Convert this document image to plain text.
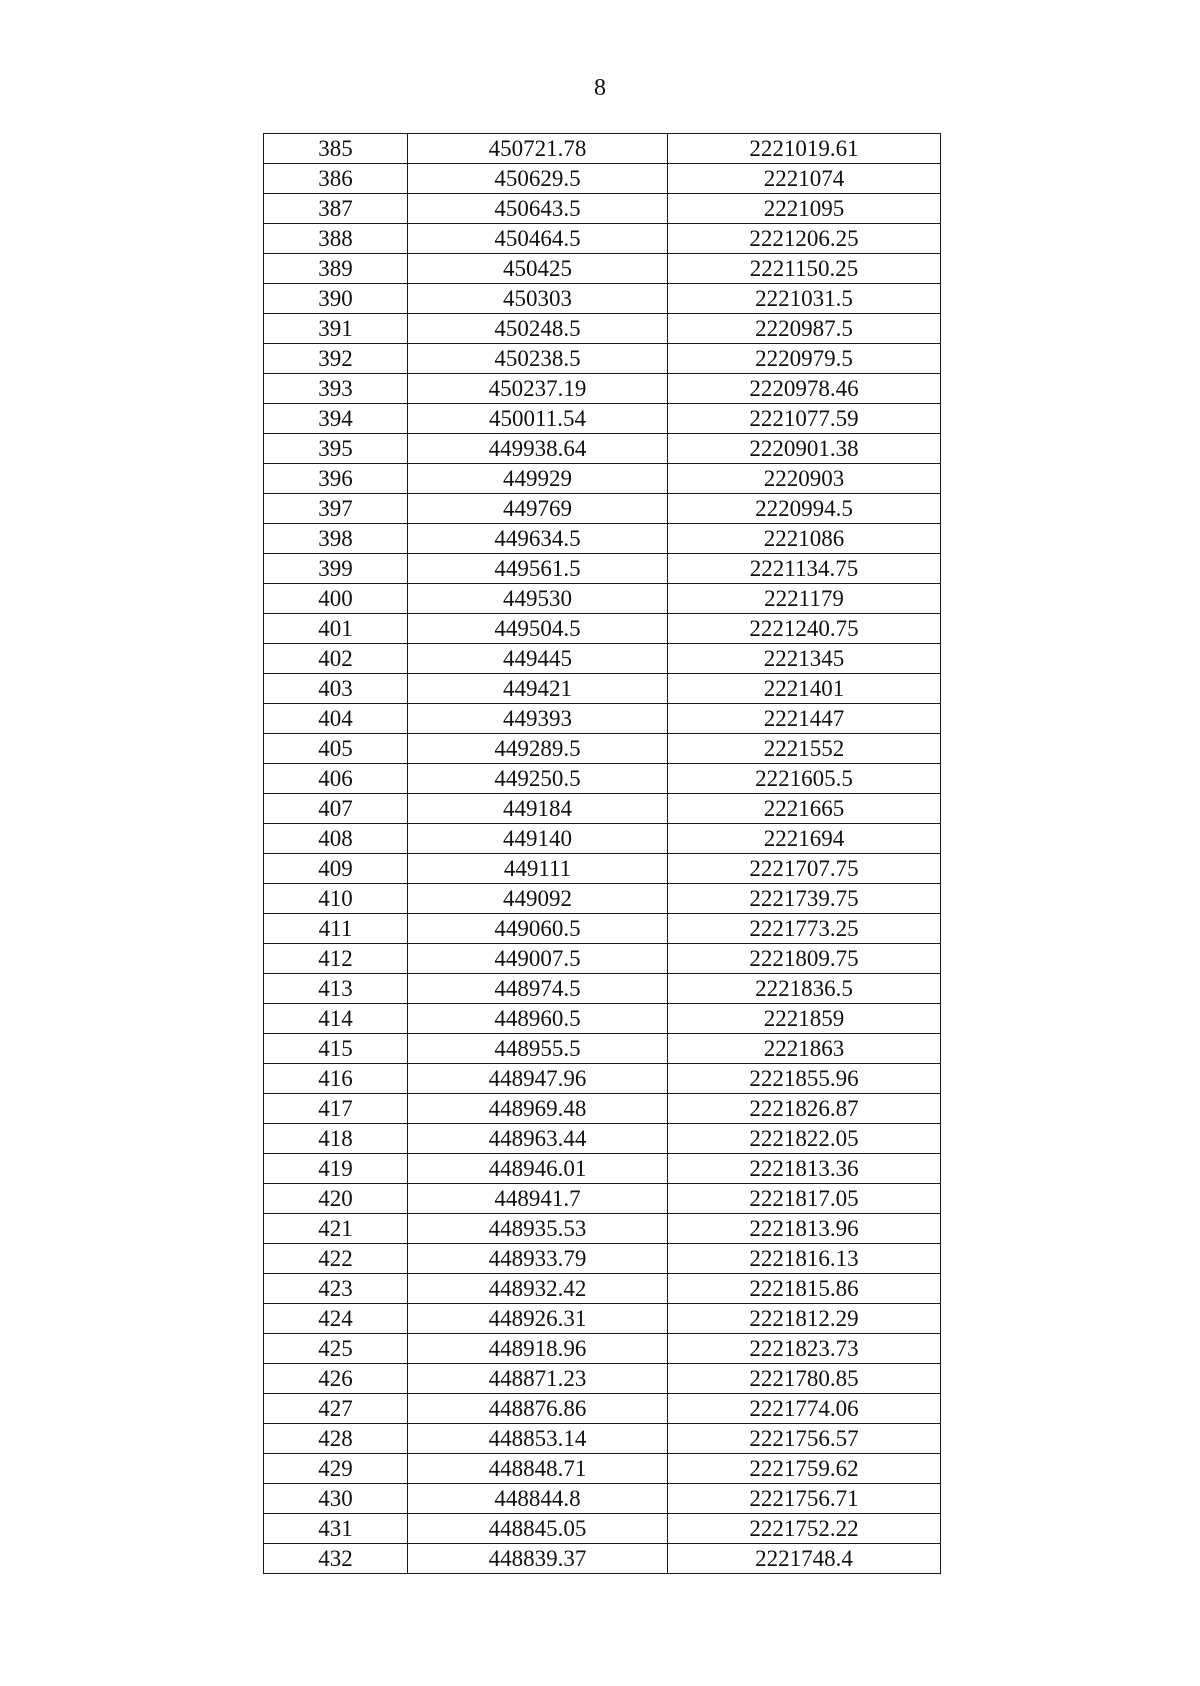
8
385	450721.78	2221019.61
386	450629.5	2221074
387	450643.5	2221095
388	450464.5	2221206.25
389	450425	2221150.25
390	450303	2221031.5
391	450248.5	2220987.5
392	450238.5	2220979.5
393	450237.19	2220978.46
394	450011.54	2221077.59
395	449938.64	2220901.38
396	449929	2220903
397	449769	2220994.5
398	449634.5	2221086
399	449561.5	2221134.75
400	449530	2221179
401	449504.5	2221240.75
402	449445	2221345
403	449421	2221401
404	449393	2221447
405	449289.5	2221552
406	449250.5	2221605.5
407	449184	2221665
408	449140	2221694
409	449111	2221707.75
410	449092	2221739.75
411	449060.5	2221773.25
412	449007.5	2221809.75
413	448974.5	2221836.5
414	448960.5	2221859
415	448955.5	2221863
416	448947.96	2221855.96
417	448969.48	2221826.87
418	448963.44	2221822.05
419	448946.01	2221813.36
420	448941.7	2221817.05
421	448935.53	2221813.96
422	448933.79	2221816.13
423	448932.42	2221815.86
424	448926.31	2221812.29
425	448918.96	2221823.73
426	448871.23	2221780.85
427	448876.86	2221774.06
428	448853.14	2221756.57
429	448848.71	2221759.62
430	448844.8	2221756.71
431	448845.05	2221752.22
432	448839.37	2221748.4
